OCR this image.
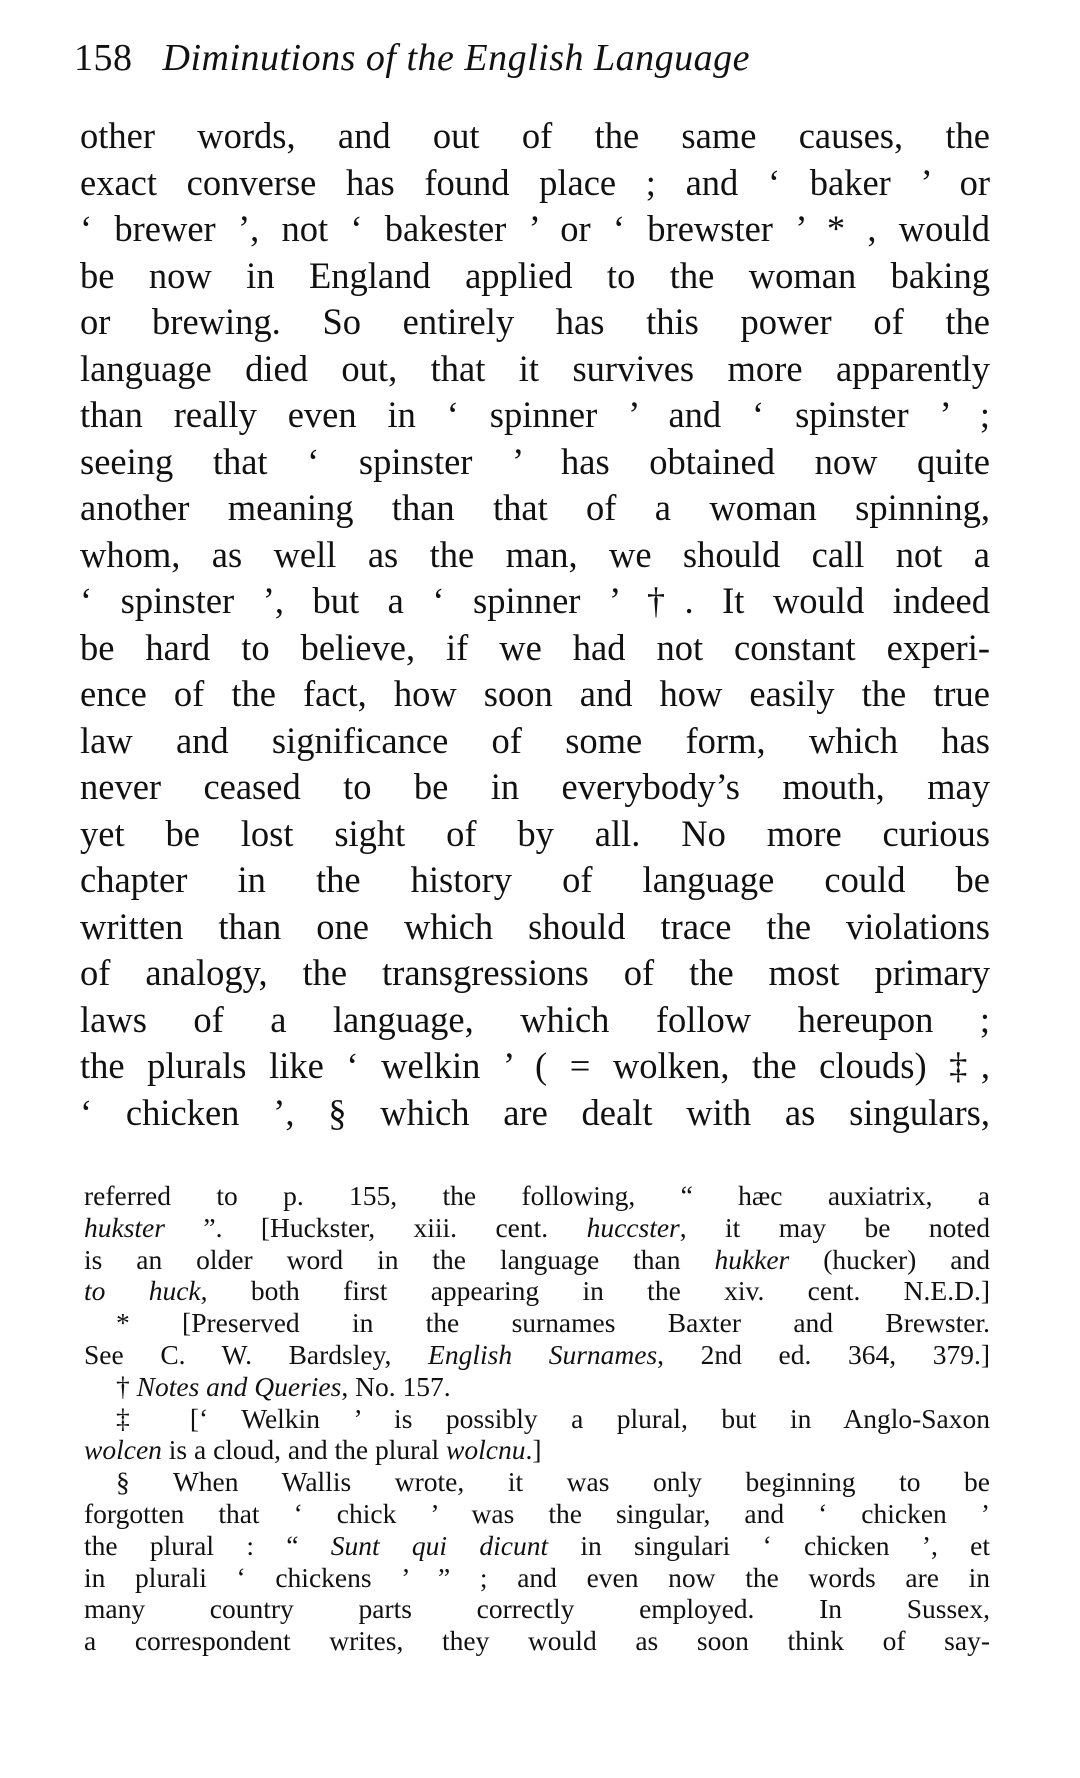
158 Diminutions of the English Language
other words, and out of the same causes, the
exact converse has found place ; and ‘ baker ’ or
‘ brewer ’, not ‘ bakester ’ or ‘ brewster ’ * , would
be now in England applied to the woman baking
or brewing. So entirely has this power of the
language died out, that it survives more apparently
than really even in ‘ spinner ’ and ‘ spinster ’ ;
seeing that ‘ spinster ’ has obtained now quite
another meaning than that of a woman spinning,
whom, as well as the man, we should call not a
‘ spinster ’, but a ‘ spinner ’ †. It would indeed
be hard to believe, if we had not constant experi-
ence of the fact, how soon and how easily the true
law and significance of some form, which has
never ceased to be in everybody’s mouth, may
yet be lost sight of by all. No more curious
chapter in the history of language could be
written than one which should trace the violations
of analogy, the transgressions of the most primary
laws of a language, which follow hereupon ;
the plurals like ‘ welkin ’ ( = wolken, the clouds) ‡,
‘ chicken ’, § which are dealt with as singulars,
referred to p. 155, the following, “ hæc auxiatrix, a
hukster ”. [Huckster, xiii. cent. huccster, it may be noted
is an older word in the language than hukker (hucker) and
to huck, both first appearing in the xiv. cent. N.E.D.]
* [Preserved in the surnames Baxter and Brewster.
See C. W. Bardsley, English Surnames, 2nd ed. 364, 379.]
† Notes and Queries, No. 157.
‡ [‘ Welkin ’ is possibly a plural, but in Anglo-Saxon
wolcen is a cloud, and the plural wolcnu.]
§ When Wallis wrote, it was only beginning to be
forgotten that ‘ chick ’ was the singular, and ‘ chicken ’
the plural : “ Sunt qui dicunt in singulari ‘ chicken ’, et
in plurali ‘ chickens ’ ” ; and even now the words are in
many country parts correctly employed. In Sussex,
a correspondent writes, they would as soon think of say-
